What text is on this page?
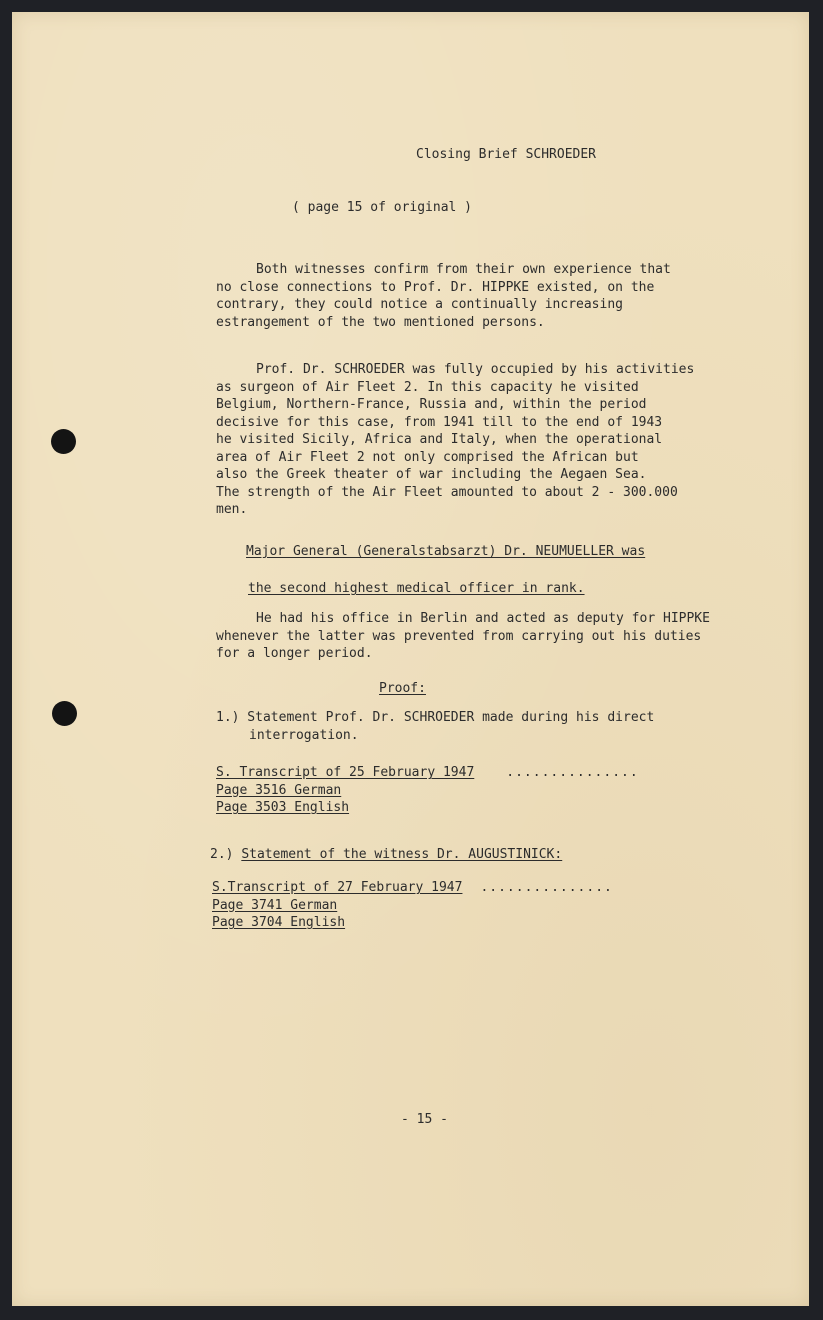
Closing Brief SCHROEDER

( page 15 of original )

Both witnesses confirm from their own experience that
no close connections to Prof. Dr. HIPPKE existed, on the
contrary, they could notice a continually increasing
estrangement of the two mentioned persons.
Prof. Dr. SCHROEDER was fully occupied by his activities
as surgeon of Air Fleet 2. In this capacity he visited
Belgium, Northern-France, Russia and, within the period
decisive for this case, from 1941 till to the end of 1943
he visited Sicily, Africa and Italy, when the operational
area of Air Fleet 2 not only comprised the African but
also the Greek theater of war including the Aegaen Sea.
The strength of the Air Fleet amounted to about 2 - 300.000
men.

Major General (Generalstabsarzt) Dr. NEUMUELLER was

the second highest medical officer in rank.

He had his office in Berlin and acted as deputy for HIPPKE
whenever the latter was prevented from carrying out his duties
for a longer period.

Proof:

1.) Statement Prof. Dr. SCHROEDER made during his direct
interrogation.
S. Transcript of 25 February 1947 ...............
Page 3516 German
Page 3503 English
2.) Statement of the witness Dr. AUGUSTINICK:
S.Transcript of 27 February 1947 ...............
Page 3741 German
Page 3704 English

- 15 -
